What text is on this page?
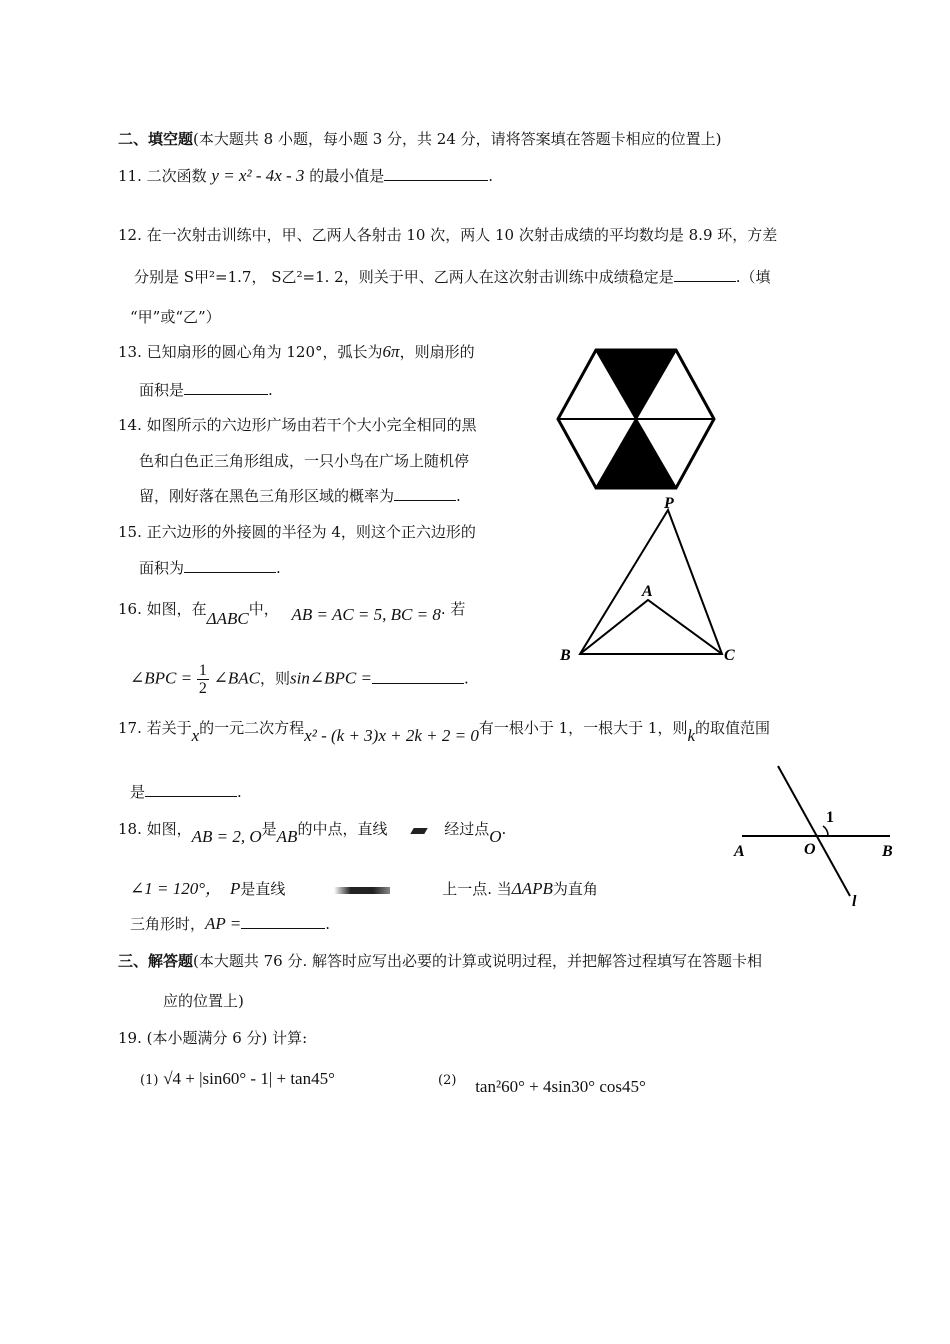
二、填空题(本大题共 8 小题，每小题 3 分，共 24 分，请将答案填在答题卡相应的位置上)
11. 二次函数 y = x² - 4x - 3 的最小值是	.
12. 在一次射击训练中，甲、乙两人各射击 10 次，两人 10 次射击成绩的平均数均是 8.9 环，方差
分别是 S甲²=1.7， S乙²=1. 2，则关于甲、乙两人在这次射击训练中成绩稳定是	.（填
“甲”或“乙”）
13. 已知扇形的圆心角为 120°，弧长为6π，则扇形的
面积是	.
14. 如图所示的六边形广场由若干个大小完全相同的黑
色和白色正三角形组成，一只小鸟在广场上随机停
留，刚好落在黑色三角形区域的概率为	.
15. 正六边形的外接圆的半径为 4，则这个正六边形的
面积为	.
16. 如图，在ΔABC中， AB = AC = 5, BC = 8. 若
∠BPC = $\frac{1}{2}$ ∠BAC，则sin∠BPC =	.
17. 若关于x的一元二次方程x² - (k + 3)x + 2k + 2 = 0有一根小于 1，一根大于 1，则k的取值范围
是	.
18. 如图，AB = 2, O是AB的中点，直线	经过点O.
∠1 = 120°， P是直线	上一点. 当ΔAPB为直角
三角形时，AP =	.
三、解答题(本大题共 76 分. 解答时应写出必要的计算或说明过程，并把解答过程填写在答题卡相
应的位置上)
19. (本小题满分 6 分) 计算:
(1) √4 + |sin60° - 1| + tan45°	(2) tan²60° + 4sin30° cos45°
P
A
B	C
1
A	O	B
l
